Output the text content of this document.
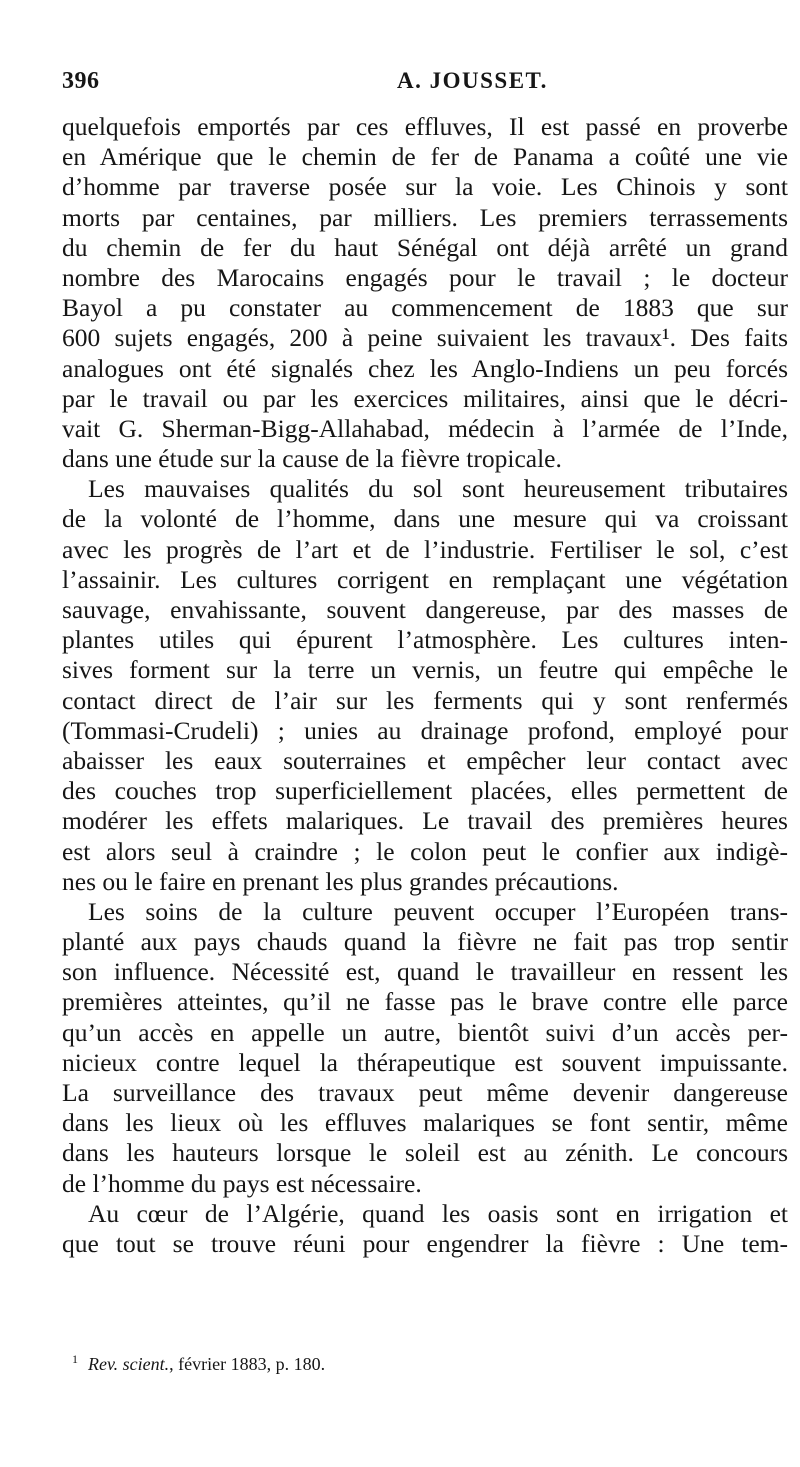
396	A. JOUSSET.
quelquefois emportés par ces effluves, Il est passé en proverbe
en Amérique que le chemin de fer de Panama a coûté une vie
d’homme par traverse posée sur la voie. Les Chinois y sont
morts par centaines, par milliers. Les premiers terrassements
du chemin de fer du haut Sénégal ont déjà arrêté un grand
nombre des Marocains engagés pour le travail ; le docteur
Bayol a pu constater au commencement de 1883 que sur
600 sujets engagés, 200 à peine suivaient les travaux¹. Des faits
analogues ont été signalés chez les Anglo-Indiens un peu forcés
par le travail ou par les exercices militaires, ainsi que le décri-
vait G. Sherman-Bigg-Allahabad, médecin à l’armée de l’Inde,
dans une étude sur la cause de la fièvre tropicale.
Les mauvaises qualités du sol sont heureusement tributaires
de la volonté de l’homme, dans une mesure qui va croissant
avec les progrès de l’art et de l’industrie. Fertiliser le sol, c’est
l’assainir. Les cultures corrigent en remplaçant une végétation
sauvage, envahissante, souvent dangereuse, par des masses de
plantes utiles qui épurent l’atmosphère. Les cultures inten-
sives forment sur la terre un vernis, un feutre qui empêche le
contact direct de l’air sur les ferments qui y sont renfermés
(Tommasi-Crudeli) ; unies au drainage profond, employé pour
abaisser les eaux souterraines et empêcher leur contact avec
des couches trop superficiellement placées, elles permettent de
modérer les effets malariques. Le travail des premières heures
est alors seul à craindre ; le colon peut le confier aux indigè-
nes ou le faire en prenant les plus grandes précautions.
Les soins de la culture peuvent occuper l’Européen trans-
planté aux pays chauds quand la fièvre ne fait pas trop sentir
son influence. Nécessité est, quand le travailleur en ressent les
premières atteintes, qu’il ne fasse pas le brave contre elle parce
qu’un accès en appelle un autre, bientôt suivi d’un accès per-
nicieux contre lequel la thérapeutique est souvent impuissante.
La surveillance des travaux peut même devenir dangereuse
dans les lieux où les effluves malariques se font sentir, même
dans les hauteurs lorsque le soleil est au zénith. Le concours
de l’homme du pays est nécessaire.
Au cœur de l’Algérie, quand les oasis sont en irrigation et
que tout se trouve réuni pour engendrer la fièvre : Une tem-
$^1$ Rev. scient., février 1883, p. 180.
